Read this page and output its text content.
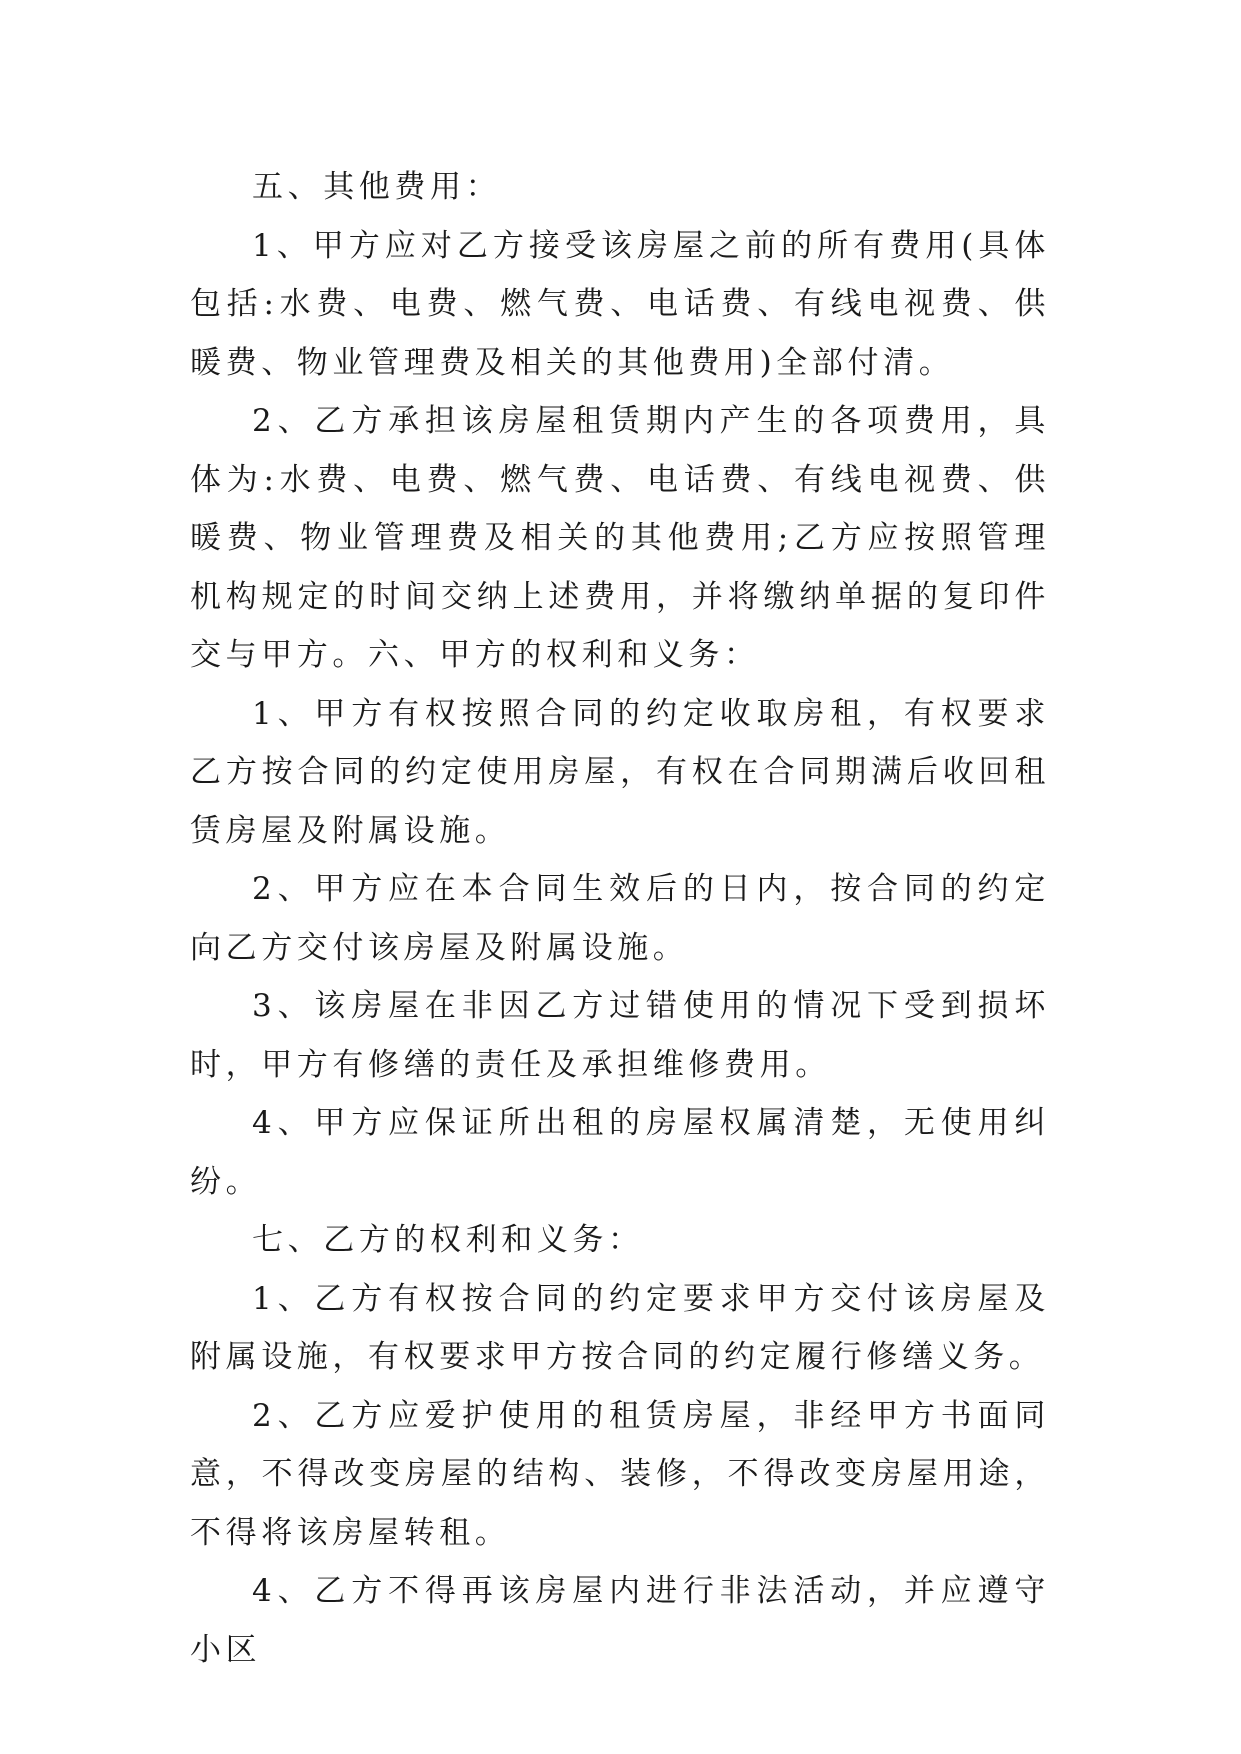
五、其他费用：

1、甲方应对乙方接受该房屋之前的所有费用(具体包括:水费、电费、燃气费、电话费、有线电视费、供暖费、物业管理费及相关的其他费用)全部付清。

2、乙方承担该房屋租赁期内产生的各项费用，具体为:水费、电费、燃气费、电话费、有线电视费、供暖费、物业管理费及相关的其他费用;乙方应按照管理机构规定的时间交纳上述费用，并将缴纳单据的复印件交与甲方。六、甲方的权利和义务：

1、甲方有权按照合同的约定收取房租，有权要求乙方按合同的约定使用房屋，有权在合同期满后收回租赁房屋及附属设施。

2、甲方应在本合同生效后的日内，按合同的约定向乙方交付该房屋及附属设施。

3、该房屋在非因乙方过错使用的情况下受到损坏时，甲方有修缮的责任及承担维修费用。

4、甲方应保证所出租的房屋权属清楚，无使用纠纷。

七、乙方的权利和义务：

1、乙方有权按合同的约定要求甲方交付该房屋及附属设施，有权要求甲方按合同的约定履行修缮义务。

2、乙方应爱护使用的租赁房屋，非经甲方书面同意，不得改变房屋的结构、装修，不得改变房屋用途，不得将该房屋转租。

4、乙方不得再该房屋内进行非法活动，并应遵守小区
